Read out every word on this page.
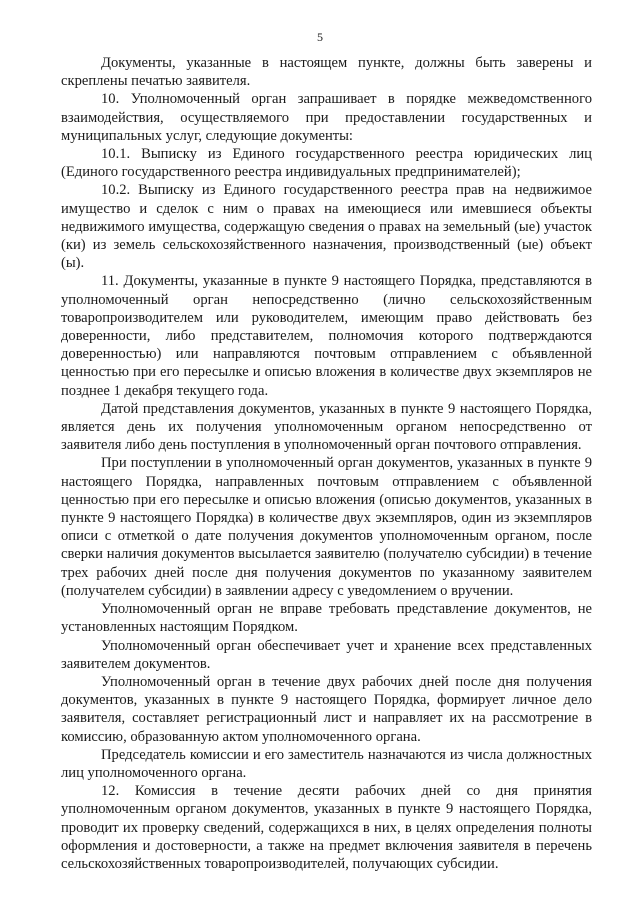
5

Документы, указанные в настоящем пункте, должны быть заверены и скреплены печатью заявителя.

10. Уполномоченный орган запрашивает в порядке межведомственного взаимодействия, осуществляемого при предоставлении государственных и муниципальных услуг, следующие документы:

10.1. Выписку из Единого государственного реестра юридических лиц (Единого государственного реестра индивидуальных предпринимателей);

10.2. Выписку из Единого государственного реестра прав на недвижимое имущество и сделок с ним о правах на имеющиеся или имевшиеся объекты недвижимого имущества, содержащую сведения о правах на земельный (ые) участок (ки) из земель сельскохозяйственного назначения, производственный (ые) объект (ы).

11. Документы, указанные в пункте 9 настоящего Порядка, представляются в уполномоченный орган непосредственно (лично сельскохозяйственным товаропроизводителем или руководителем, имеющим право действовать без доверенности, либо представителем, полномочия которого подтверждаются доверенностью) или направляются почтовым отправлением с объявленной ценностью при его пересылке и описью вложения в количестве двух экземпляров не позднее 1 декабря текущего года.

Датой представления документов, указанных в пункте 9 настоящего Порядка, является день их получения уполномоченным органом непосредственно от заявителя либо день поступления в уполномоченный орган почтового отправления.

При поступлении в уполномоченный орган документов, указанных в пункте 9 настоящего Порядка, направленных почтовым отправлением с объявленной ценностью при его пересылке и описью вложения (описью документов, указанных в пункте 9 настоящего Порядка) в количестве двух экземпляров, один из экземпляров описи с отметкой о дате получения документов уполномоченным органом, после сверки наличия документов высылается заявителю (получателю субсидии) в течение трех рабочих дней после дня получения документов по указанному заявителем (получателем субсидии) в заявлении адресу с уведомлением о вручении.

Уполномоченный орган не вправе требовать представление документов, не установленных настоящим Порядком.

Уполномоченный орган обеспечивает учет и хранение всех представленных заявителем документов.

Уполномоченный орган в течение двух рабочих дней после дня получения документов, указанных в пункте 9 настоящего Порядка, формирует личное дело заявителя, составляет регистрационный лист и направляет их на рассмотрение в комиссию, образованную актом уполномоченного органа.

Председатель комиссии и его заместитель назначаются из числа должностных лиц уполномоченного органа.

12. Комиссия в течение десяти рабочих дней со дня принятия уполномоченным органом документов, указанных в пункте 9 настоящего Порядка, проводит их проверку сведений, содержащихся в них, в целях определения полноты оформления и достоверности, а также на предмет включения заявителя в перечень сельскохозяйственных товаропроизводителей, получающих субсидии.
